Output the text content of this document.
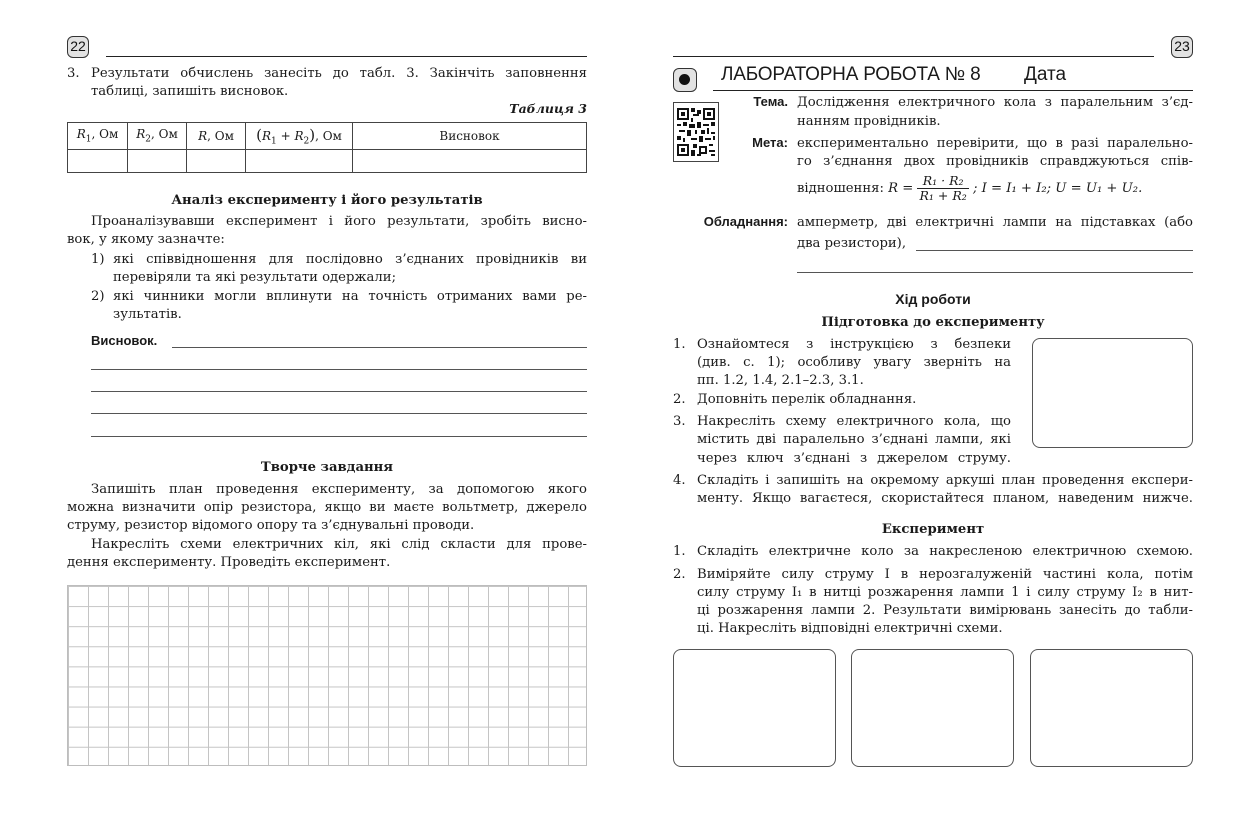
22
3. Результати обчислень занесіть до табл. 3. Закінчіть заповнення
таблиці, запишіть висновок.
Таблиця 3
$R_1$, Ом	$R_2$, Ом	R, Ом	$(R_1 + R_2)$, Ом	Висновок

Аналіз експерименту і його результатів
Проаналізувавши експеримент і його результати, зробіть висно-
вок, у якому зазначте:
1) які співвідношення для послідовно з’єднаних провідників ви
перевіряли та які результати одержали;
2) які чинники могли вплинути на точність отриманих вами ре-
зультатів.
Висновок.
Творче завдання
Запишіть план проведення експерименту, за допомогою якого
можна визначити опір резистора, якщо ви маєте вольтметр, джерело
струму, резистор відомого опору та з’єднувальні проводи.
Накресліть схеми електричних кіл, які слід скласти для прове-
дення експерименту. Проведіть експеримент.
23
ЛАБОРАТОРНА РОБОТА № 8 Дата
Тема. Дослідження електричного кола з паралельним з’єд-
нанням провідників.
Мета: експериментально перевірити, що в разі паралельно-
го з’єднання двох провідників справджуються спів-
відношення: $R = \frac{\text{R₁ · R₂}}{\text{R₁ + R₂}}$ ; I = I₁ + I₂; U = U₁ + U₂.
Обладнання: амперметр, дві електричні лампи на підставках (або
два резистори),
Хід роботи
Підготовка до експерименту
1. Ознайомтеся з інструкцією з безпеки
(див. с. 1); особливу увагу зверніть на
пп. 1.2, 1.4, 2.1–2.3, 3.1.
2. Доповніть перелік обладнання.
3. Накресліть схему електричного кола, що
містить дві паралельно з’єднані лампи, які
через ключ з’єднані з джерелом струму.
4. Складіть і запишіть на окремому аркуші план проведення експери-
менту. Якщо вагаєтеся, скористайтеся планом, наведеним нижче.
Експеримент
1. Складіть електричне коло за накресленою електричною схемою.
2. Виміряйте силу струму I в нерозгалуженій частині кола, потім
силу струму I₁ в нитці розжарення лампи 1 і силу струму I₂ в нит-
ці розжарення лампи 2. Результати вимірювань занесіть до табли-
ці. Накресліть відповідні електричні схеми.
